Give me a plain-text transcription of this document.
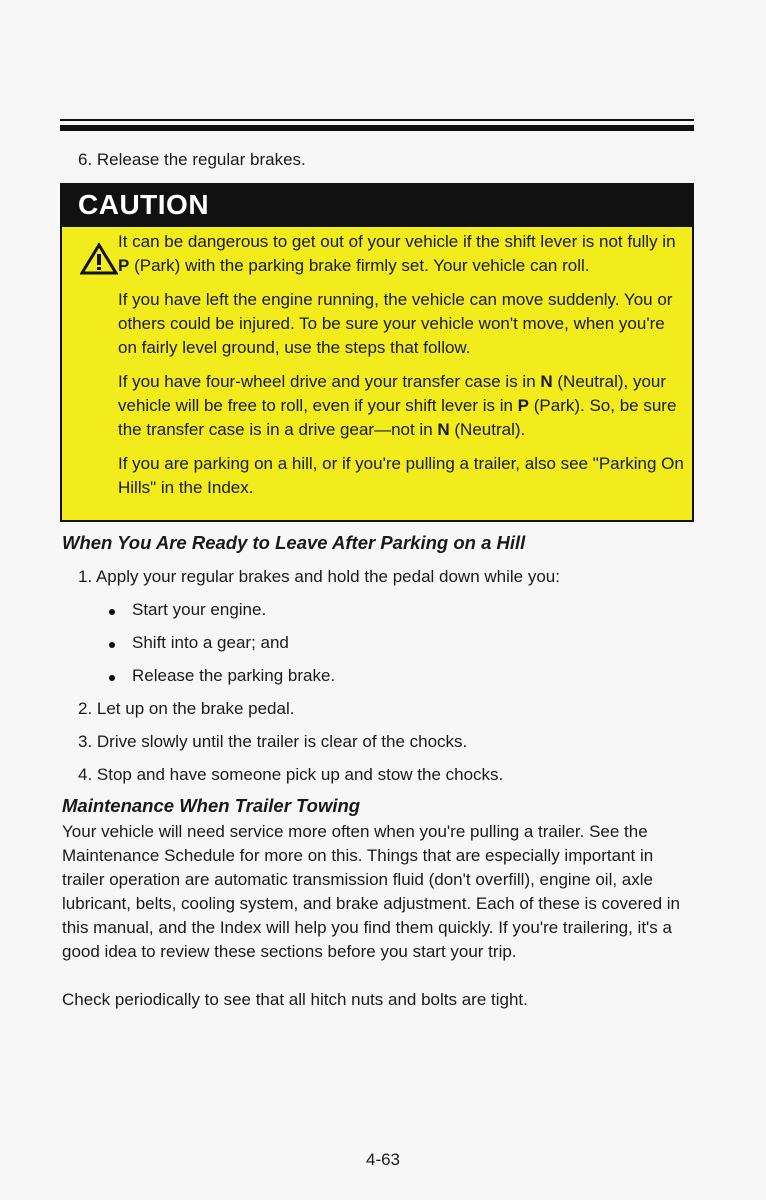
6. Release the regular brakes.
CAUTION

It can be dangerous to get out of your vehicle if the shift lever is not fully in P (Park) with the parking brake firmly set. Your vehicle can roll.

If you have left the engine running, the vehicle can move suddenly. You or others could be injured. To be sure your vehicle won't move, when you're on fairly level ground, use the steps that follow.

If you have four-wheel drive and your transfer case is in N (Neutral), your vehicle will be free to roll, even if your shift lever is in P (Park). So, be sure the transfer case is in a drive gear—not in N (Neutral).

If you are parking on a hill, or if you're pulling a trailer, also see "Parking On Hills" in the Index.

When You Are Ready to Leave After Parking on a Hill
1. Apply your regular brakes and hold the pedal down while you:
Start your engine.
Shift into a gear; and
Release the parking brake.
2. Let up on the brake pedal.
3. Drive slowly until the trailer is clear of the chocks.
4. Stop and have someone pick up and stow the chocks.
Maintenance When Trailer Towing
Your vehicle will need service more often when you're pulling a trailer. See the Maintenance Schedule for more on this. Things that are especially important in trailer operation are automatic transmission fluid (don't overfill), engine oil, axle lubricant, belts, cooling system, and brake adjustment. Each of these is covered in this manual, and the Index will help you find them quickly. If you're trailering, it's a good idea to review these sections before you start your trip.
Check periodically to see that all hitch nuts and bolts are tight.
4-63
